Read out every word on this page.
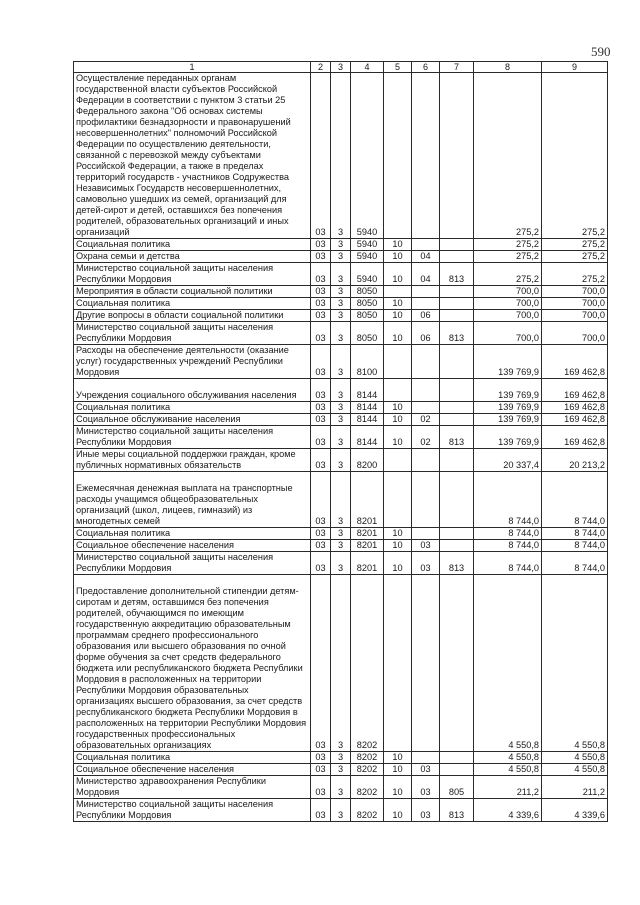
590
1	2	3	4	5	6	7	8	9
Осуществление переданных органам государственной власти субъектов Российской Федерации в соответствии с пунктом 3 статьи 25 Федерального закона "Об основах системы профилактики безнадзорности и правонарушений несовершеннолетних" полномочий Российской Федерации по осуществлению деятельности, связанной с перевозкой между субъектами Российской Федерации, а также в пределах территорий государств - участников Содружества Независимых Государств несовершеннолетних, самовольно ушедших из семей, организаций для детей-сирот и детей, оставшихся без попечения родителей, образовательных организаций и иных организаций	03	3	5940				275,2	275,2
Социальная политика	03	3	5940	10			275,2	275,2
Охрана семьи и детства	03	3	5940	10	04		275,2	275,2
Министерство социальной защиты населения Республики Мордовия	03	3	5940	10	04	813	275,2	275,2
Мероприятия в области социальной политики	03	3	8050				700,0	700,0
Социальная политика	03	3	8050	10			700,0	700,0
Другие вопросы в области социальной политики	03	3	8050	10	06		700,0	700,0
Министерство социальной защиты населения Республики Мордовия	03	3	8050	10	06	813	700,0	700,0
Расходы на обеспечение деятельности (оказание услуг) государственных учреждений Республики Мордовия	03	3	8100				139 769,9	169 462,8
Учреждения социального обслуживания населения	03	3	8144				139 769,9	169 462,8
Социальная политика	03	3	8144	10			139 769,9	169 462,8
Социальное обслуживание населения	03	3	8144	10	02		139 769,9	169 462,8
Министерство социальной защиты населения Республики Мордовия	03	3	8144	10	02	813	139 769,9	169 462,8
Иные меры социальной поддержки граждан, кроме публичных нормативных обязательств	03	3	8200				20 337,4	20 213,2
Ежемесячная денежная выплата на транспортные расходы учащимся общеобразовательных организаций (школ, лицеев, гимназий) из многодетных семей	03	3	8201				8 744,0	8 744,0
Социальная политика	03	3	8201	10			8 744,0	8 744,0
Социальное обеспечение населения	03	3	8201	10	03		8 744,0	8 744,0
Министерство социальной защиты населения Республики Мордовия	03	3	8201	10	03	813	8 744,0	8 744,0
Предоставление дополнительной стипендии детям-сиротам и детям, оставшимся без попечения родителей, обучающимся по имеющим государственную аккредитацию образовательным программам среднего профессионального образования или высшего образования по очной форме обучения за счет средств федерального бюджета или республиканского бюджета Республики Мордовия в расположенных на территории Республики Мордовия образовательных организациях высшего образования, за счет средств республиканского бюджета Республики Мордовия в расположенных на территории Республики Мордовия государственных профессиональных образовательных организациях	03	3	8202				4 550,8	4 550,8
Социальная политика	03	3	8202	10			4 550,8	4 550,8
Социальное обеспечение населения	03	3	8202	10	03		4 550,8	4 550,8
Министерство здравоохранения Республики Мордовия	03	3	8202	10	03	805	211,2	211,2
Министерство социальной защиты населения Республики Мордовия	03	3	8202	10	03	813	4 339,6	4 339,6
